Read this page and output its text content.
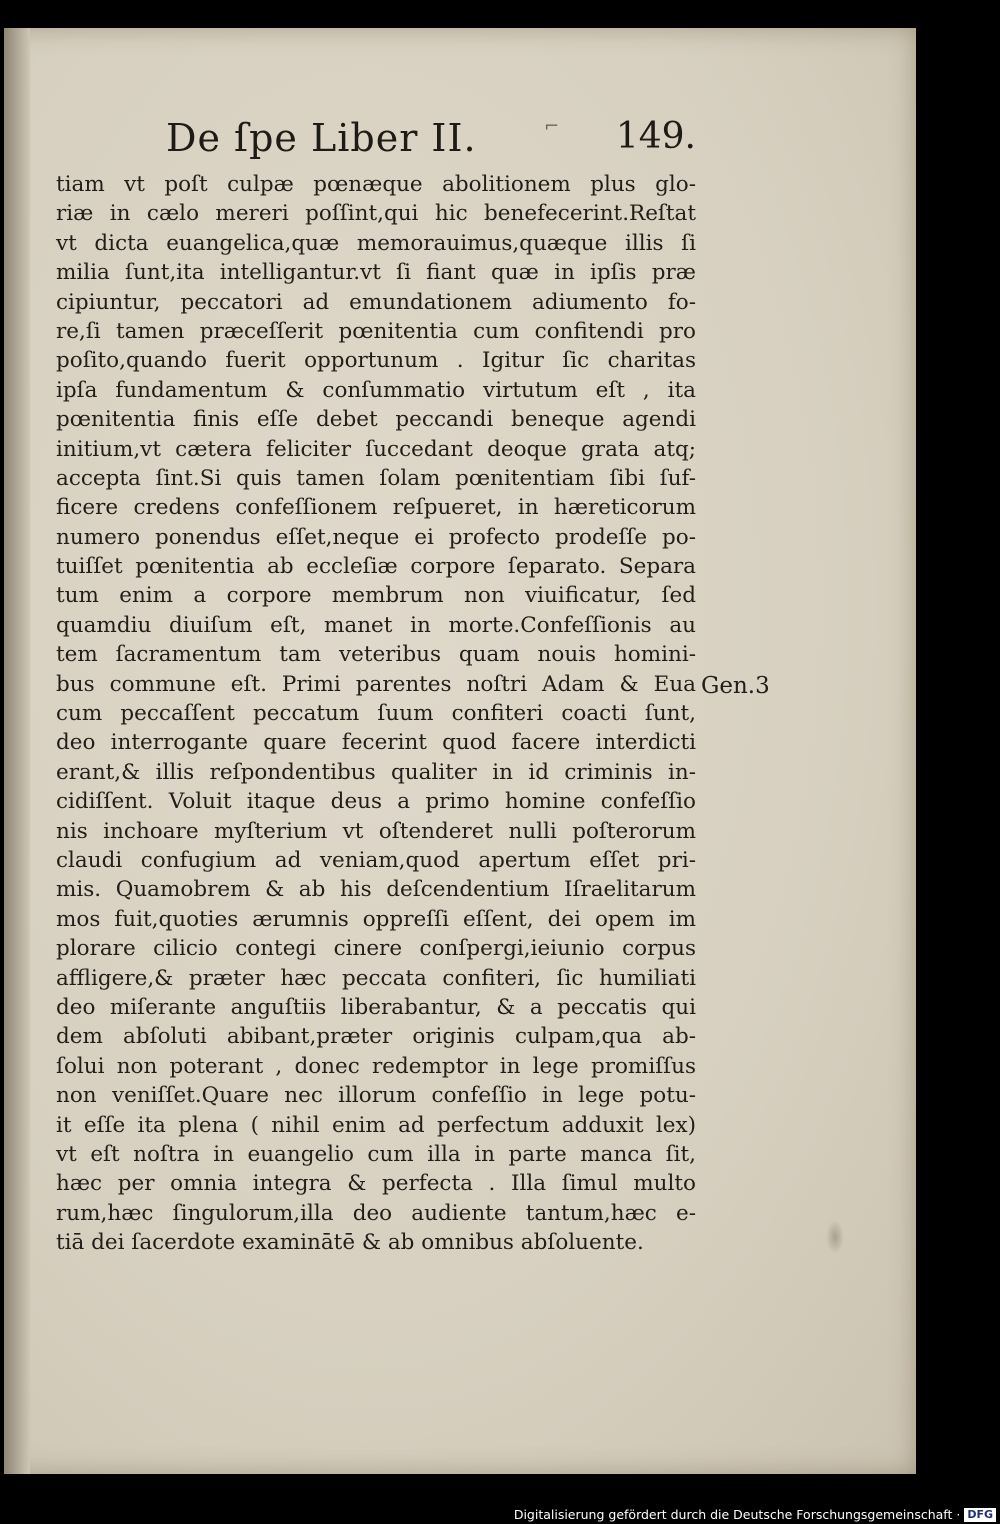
De ſpe Liber II.	⌐ 149.
tiam vt poſt culpæ pœnæque abolitionem plus glo-
riæ in cælo mereri poſſint,qui hic benefecerint.Reſtat
vt dicta euangelica,quæ memorauimus,quæque illis ſi
milia ſunt,ita intelligantur.vt ſi fiant quæ in ipſis præ
cipiuntur, peccatori ad emundationem adiumento fo-
re,ſi tamen præceſſerit pœnitentia cum confitendi pro
poſito,quando fuerit opportunum . Igitur ſic charitas
ipſa fundamentum & conſummatio virtutum eſt , ita
pœnitentia finis eſſe debet peccandi beneque agendi
initium,vt cætera feliciter ſuccedant deoque grata atq;
accepta ſint.Si quis tamen ſolam pœnitentiam ſibi ſuf-
ficere credens confeſſionem reſpueret, in hæreticorum
numero ponendus eſſet,neque ei profecto prodeſſe po-
tuiſſet pœnitentia ab eccleſiæ corpore ſeparato. Separa
tum enim a corpore membrum non viuificatur, ſed
quamdiu diuiſum eſt, manet in morte.Confeſſionis au
tem ſacramentum tam veteribus quam nouis homini-
bus commune eſt. Primi parentes noſtri Adam & Eua
cum peccaſſent peccatum ſuum confiteri coacti ſunt,
deo interrogante quare fecerint quod facere interdicti
erant,& illis reſpondentibus qualiter in id criminis in-
cidiſſent. Voluit itaque deus a primo homine confeſſio
nis inchoare myſterium vt oſtenderet nulli poſterorum
claudi confugium ad veniam,quod apertum eſſet pri-
mis. Quamobrem & ab his deſcendentium Iſraelitarum
mos fuit,quoties ærumnis oppreſſi eſſent, dei opem im
plorare cilicio contegi cinere conſpergi,ieiunio corpus
affligere,& præter hæc peccata confiteri, ſic humiliati
deo miſerante anguſtiis liberabantur, & a peccatis qui
dem abſoluti abibant,præter originis culpam,qua ab-
ſolui non poterant , donec redemptor in lege promiſſus
non veniſſet.Quare nec illorum confeſſio in lege potu-
it eſſe ita plena ( nihil enim ad perfectum adduxit lex)
vt eſt noſtra in euangelio cum illa in parte manca ſit,
hæc per omnia integra & perfecta . Illa ſimul multo
rum,hæc ſingulorum,illa deo audiente tantum,hæc e-
tiā dei ſacerdote examinātē & ab omnibus abſoluente.
Gen.3
Digitalisierung gefördert durch die Deutsche Forschungsgemeinschaft · DFG
